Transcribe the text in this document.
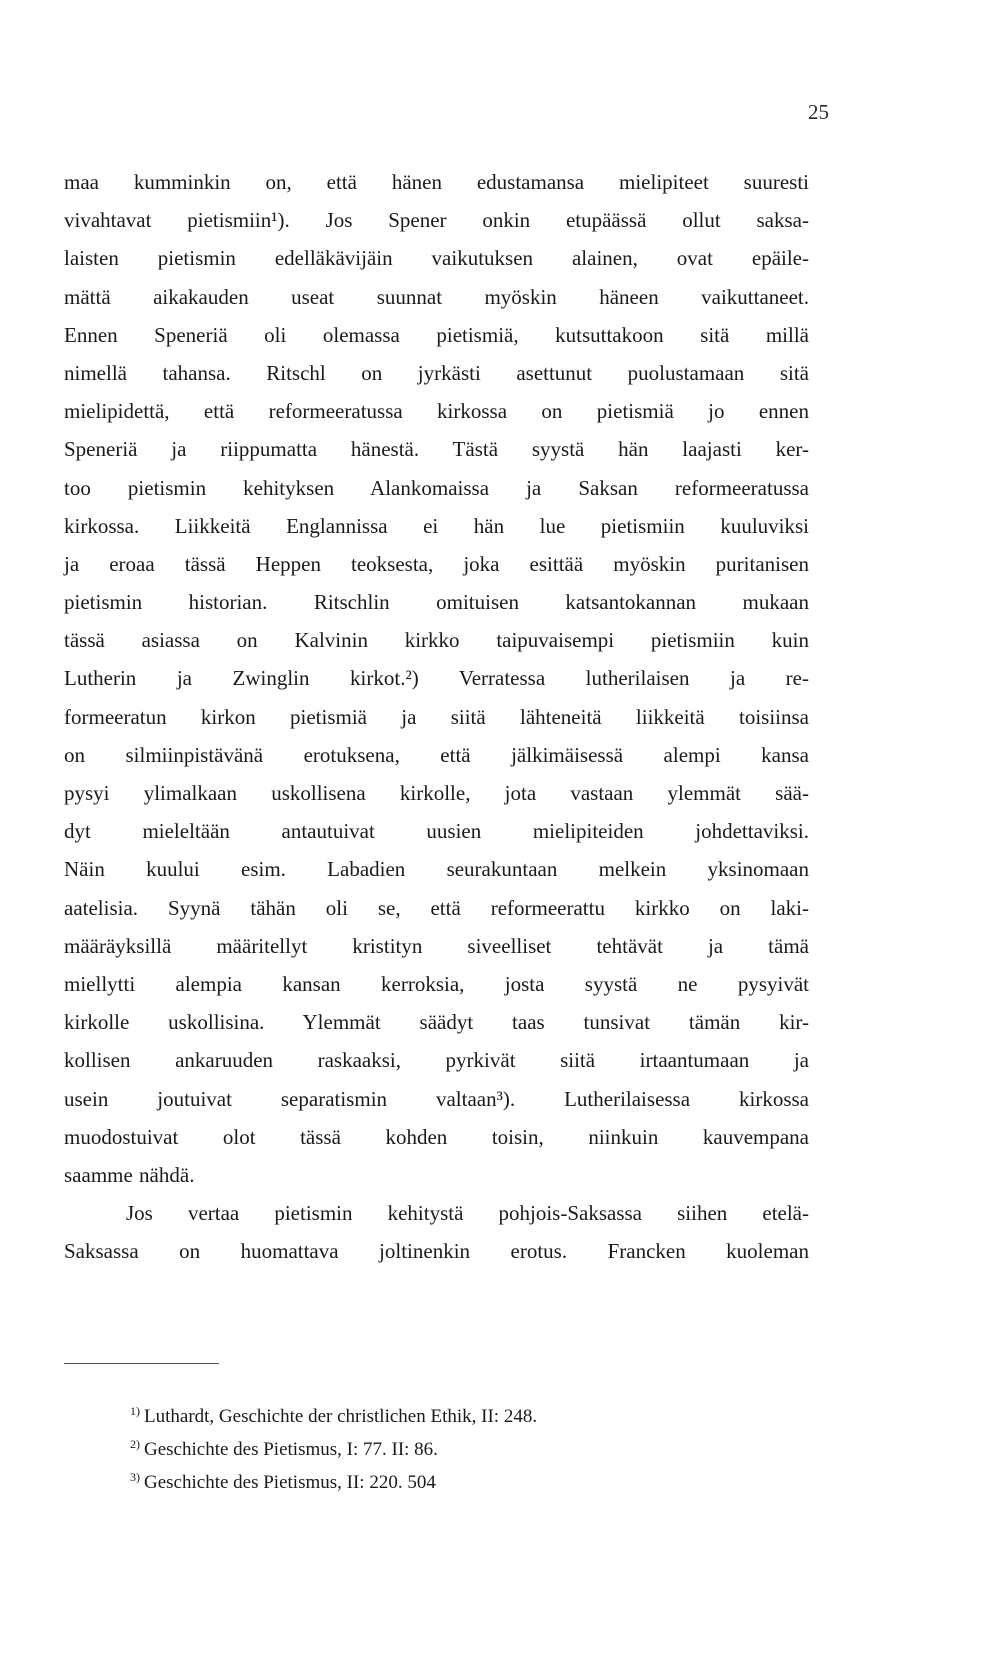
25
maa kumminkin on, että hänen edustamansa mielipiteet suuresti
vivahtavat pietismiin¹). Jos Spener onkin etupäässä ollut saksa-
laisten pietismin edelläkävijäin vaikutuksen alainen, ovat epäile-
mättä aikakauden useat suunnat myöskin häneen vaikuttaneet.
Ennen Speneriä oli olemassa pietismiä, kutsuttakoon sitä millä
nimellä tahansa. Ritschl on jyrkästi asettunut puolustamaan sitä
mielipidettä, että reformeeratussa kirkossa on pietismiä jo ennen
Speneriä ja riippumatta hänestä. Tästä syystä hän laajasti ker-
too pietismin kehityksen Alankomaissa ja Saksan reformeeratussa
kirkossa. Liikkeitä Englannissa ei hän lue pietismiin kuuluviksi
ja eroaa tässä Heppen teoksesta, joka esittää myöskin puritanisen
pietismin historian. Ritschlin omituisen katsantokannan mukaan
tässä asiassa on Kalvinin kirkko taipuvaisempi pietismiin kuin
Lutherin ja Zwinglin kirkot.²) Verratessa lutherilaisen ja re-
formeeratun kirkon pietismiä ja siitä lähteneitä liikkeitä toisiinsa
on silmiinpistävänä erotuksena, että jälkimäisessä alempi kansa
pysyi ylimalkaan uskollisena kirkolle, jota vastaan ylemmät sää-
dyt mieleltään antautuivat uusien mielipiteiden johdettaviksi.
Näin kuului esim. Labadien seurakuntaan melkein yksinomaan
aatelisia. Syynä tähän oli se, että reformeerattu kirkko on laki-
määräyksillä määritellyt kristityn siveelliset tehtävät ja tämä
miellytti alempia kansan kerroksia, josta syystä ne pysyivät
kirkolle uskollisina. Ylemmät säädyt taas tunsivat tämän kir-
kollisen ankaruuden raskaaksi, pyrkivät siitä irtaantumaan ja
usein joutuivat separatismin valtaan³). Lutherilaisessa kirkossa
muodostuivat olot tässä kohden toisin, niinkuin kauvempana
saamme nähdä.
Jos vertaa pietismin kehitystä pohjois-Saksassa siihen etelä-
Saksassa on huomattava joltinenkin erotus. Francken kuoleman
$^{1)}$ Luthardt, Geschichte der christlichen Ethik, II: 248.
$^{2)}$ Geschichte des Pietismus, I: 77. II: 86.
$^{3)}$ Geschichte des Pietismus, II: 220. 504
